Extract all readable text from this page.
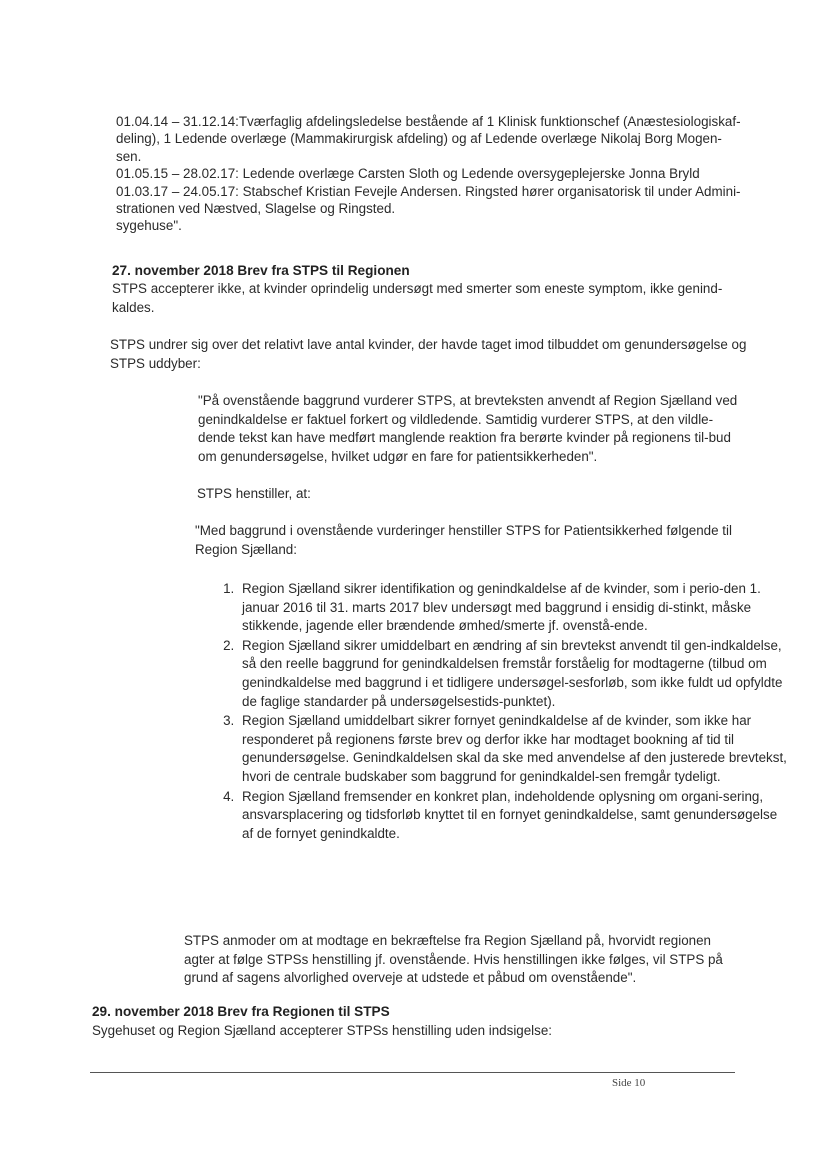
01.04.14 – 31.12.14:Tværfaglig afdelingsledelse bestående af 1 Klinisk funktionschef (Anæstesiologiskaf-
deling), 1 Ledende overlæge (Mammakirurgisk afdeling) og af Ledende overlæge Nikolaj Borg Mogen-
sen.
01.05.15 – 28.02.17: Ledende overlæge Carsten Sloth og Ledende oversygeplejerske Jonna Bryld
01.03.17 – 24.05.17: Stabschef Kristian Fevejle Andersen. Ringsted hører organisatorisk til under Admini-
strationen ved Næstved, Slagelse og Ringsted.
sygehuse".
27. november 2018 Brev fra STPS til Regionen

STPS accepterer ikke, at kvinder oprindelig undersøgt med smerter som eneste symptom, ikke genind-kaldes.

STPS undrer sig over det relativt lave antal kvinder, der havde taget imod tilbuddet om genundersøgelse og STPS uddyber:

"På ovenstående baggrund vurderer STPS, at brevteksten anvendt af Region Sjælland ved genindkaldelse er faktuel forkert og vildledende. Samtidig vurderer STPS, at den vildle-dende tekst kan have medført manglende reaktion fra berørte kvinder på regionens til-bud om genundersøgelse, hvilket udgør en fare for patientsikkerheden".

STPS henstiller, at:

"Med baggrund i ovenstående vurderinger henstiller STPS for Patientsikkerhed følgende til Region Sjælland:

1. Region Sjælland sikrer identifikation og genindkaldelse af de kvinder, som i perio-den 1. januar 2016 til 31. marts 2017 blev undersøgt med baggrund i ensidig di-stinkt, måske stikkende, jagende eller brændende ømhed/smerte jf. ovenstå-ende.
2. Region Sjælland sikrer umiddelbart en ændring af sin brevtekst anvendt til gen-indkaldelse, så den reelle baggrund for genindkaldelsen fremstår forståelig for modtagerne (tilbud om genindkaldelse med baggrund i et tidligere undersøgel-sesforløb, som ikke fuldt ud opfyldte de faglige standarder på undersøgelsestids-punktet).
3. Region Sjælland umiddelbart sikrer fornyet genindkaldelse af de kvinder, som ikke har responderet på regionens første brev og derfor ikke har modtaget bookning af tid til genundersøgelse. Genindkaldelsen skal da ske med anvendelse af den justerede brevtekst, hvori de centrale budskaber som baggrund for genindkaldel-sen fremgår tydeligt.
4. Region Sjælland fremsender en konkret plan, indeholdende oplysning om organi-sering, ansvarsplacering og tidsforløb knyttet til en fornyet genindkaldelse, samt genundersøgelse af de fornyet genindkaldte.

STPS anmoder om at modtage en bekræftelse fra Region Sjælland på, hvorvidt regionen agter at følge STPSs henstilling jf. ovenstående. Hvis henstillingen ikke følges, vil STPS på grund af sagens alvorlighed overveje at udstede et påbud om ovenstående".

29. november 2018 Brev fra Regionen til STPS

Sygehuset og Region Sjælland accepterer STPSs henstilling uden indsigelse:

Side 10
